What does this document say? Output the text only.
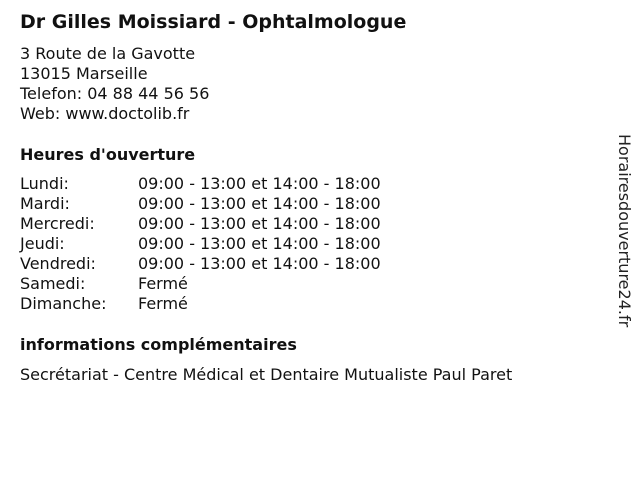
Dr Gilles Moissiard - Ophtalmologue
3 Route de la Gavotte
13015 Marseille
Telefon: 04 88 44 56 56
Web: www.doctolib.fr
Heures d'ouverture
Lundi:	09:00 - 13:00 et 14:00 - 18:00
Mardi:	09:00 - 13:00 et 14:00 - 18:00
Mercredi:	09:00 - 13:00 et 14:00 - 18:00
Jeudi:	09:00 - 13:00 et 14:00 - 18:00
Vendredi:	09:00 - 13:00 et 14:00 - 18:00
Samedi:	Fermé
Dimanche:	Fermé
informations complémentaires
Secrétariat - Centre Médical et Dentaire Mutualiste Paul Paret
Horairesdouverture24.fr
